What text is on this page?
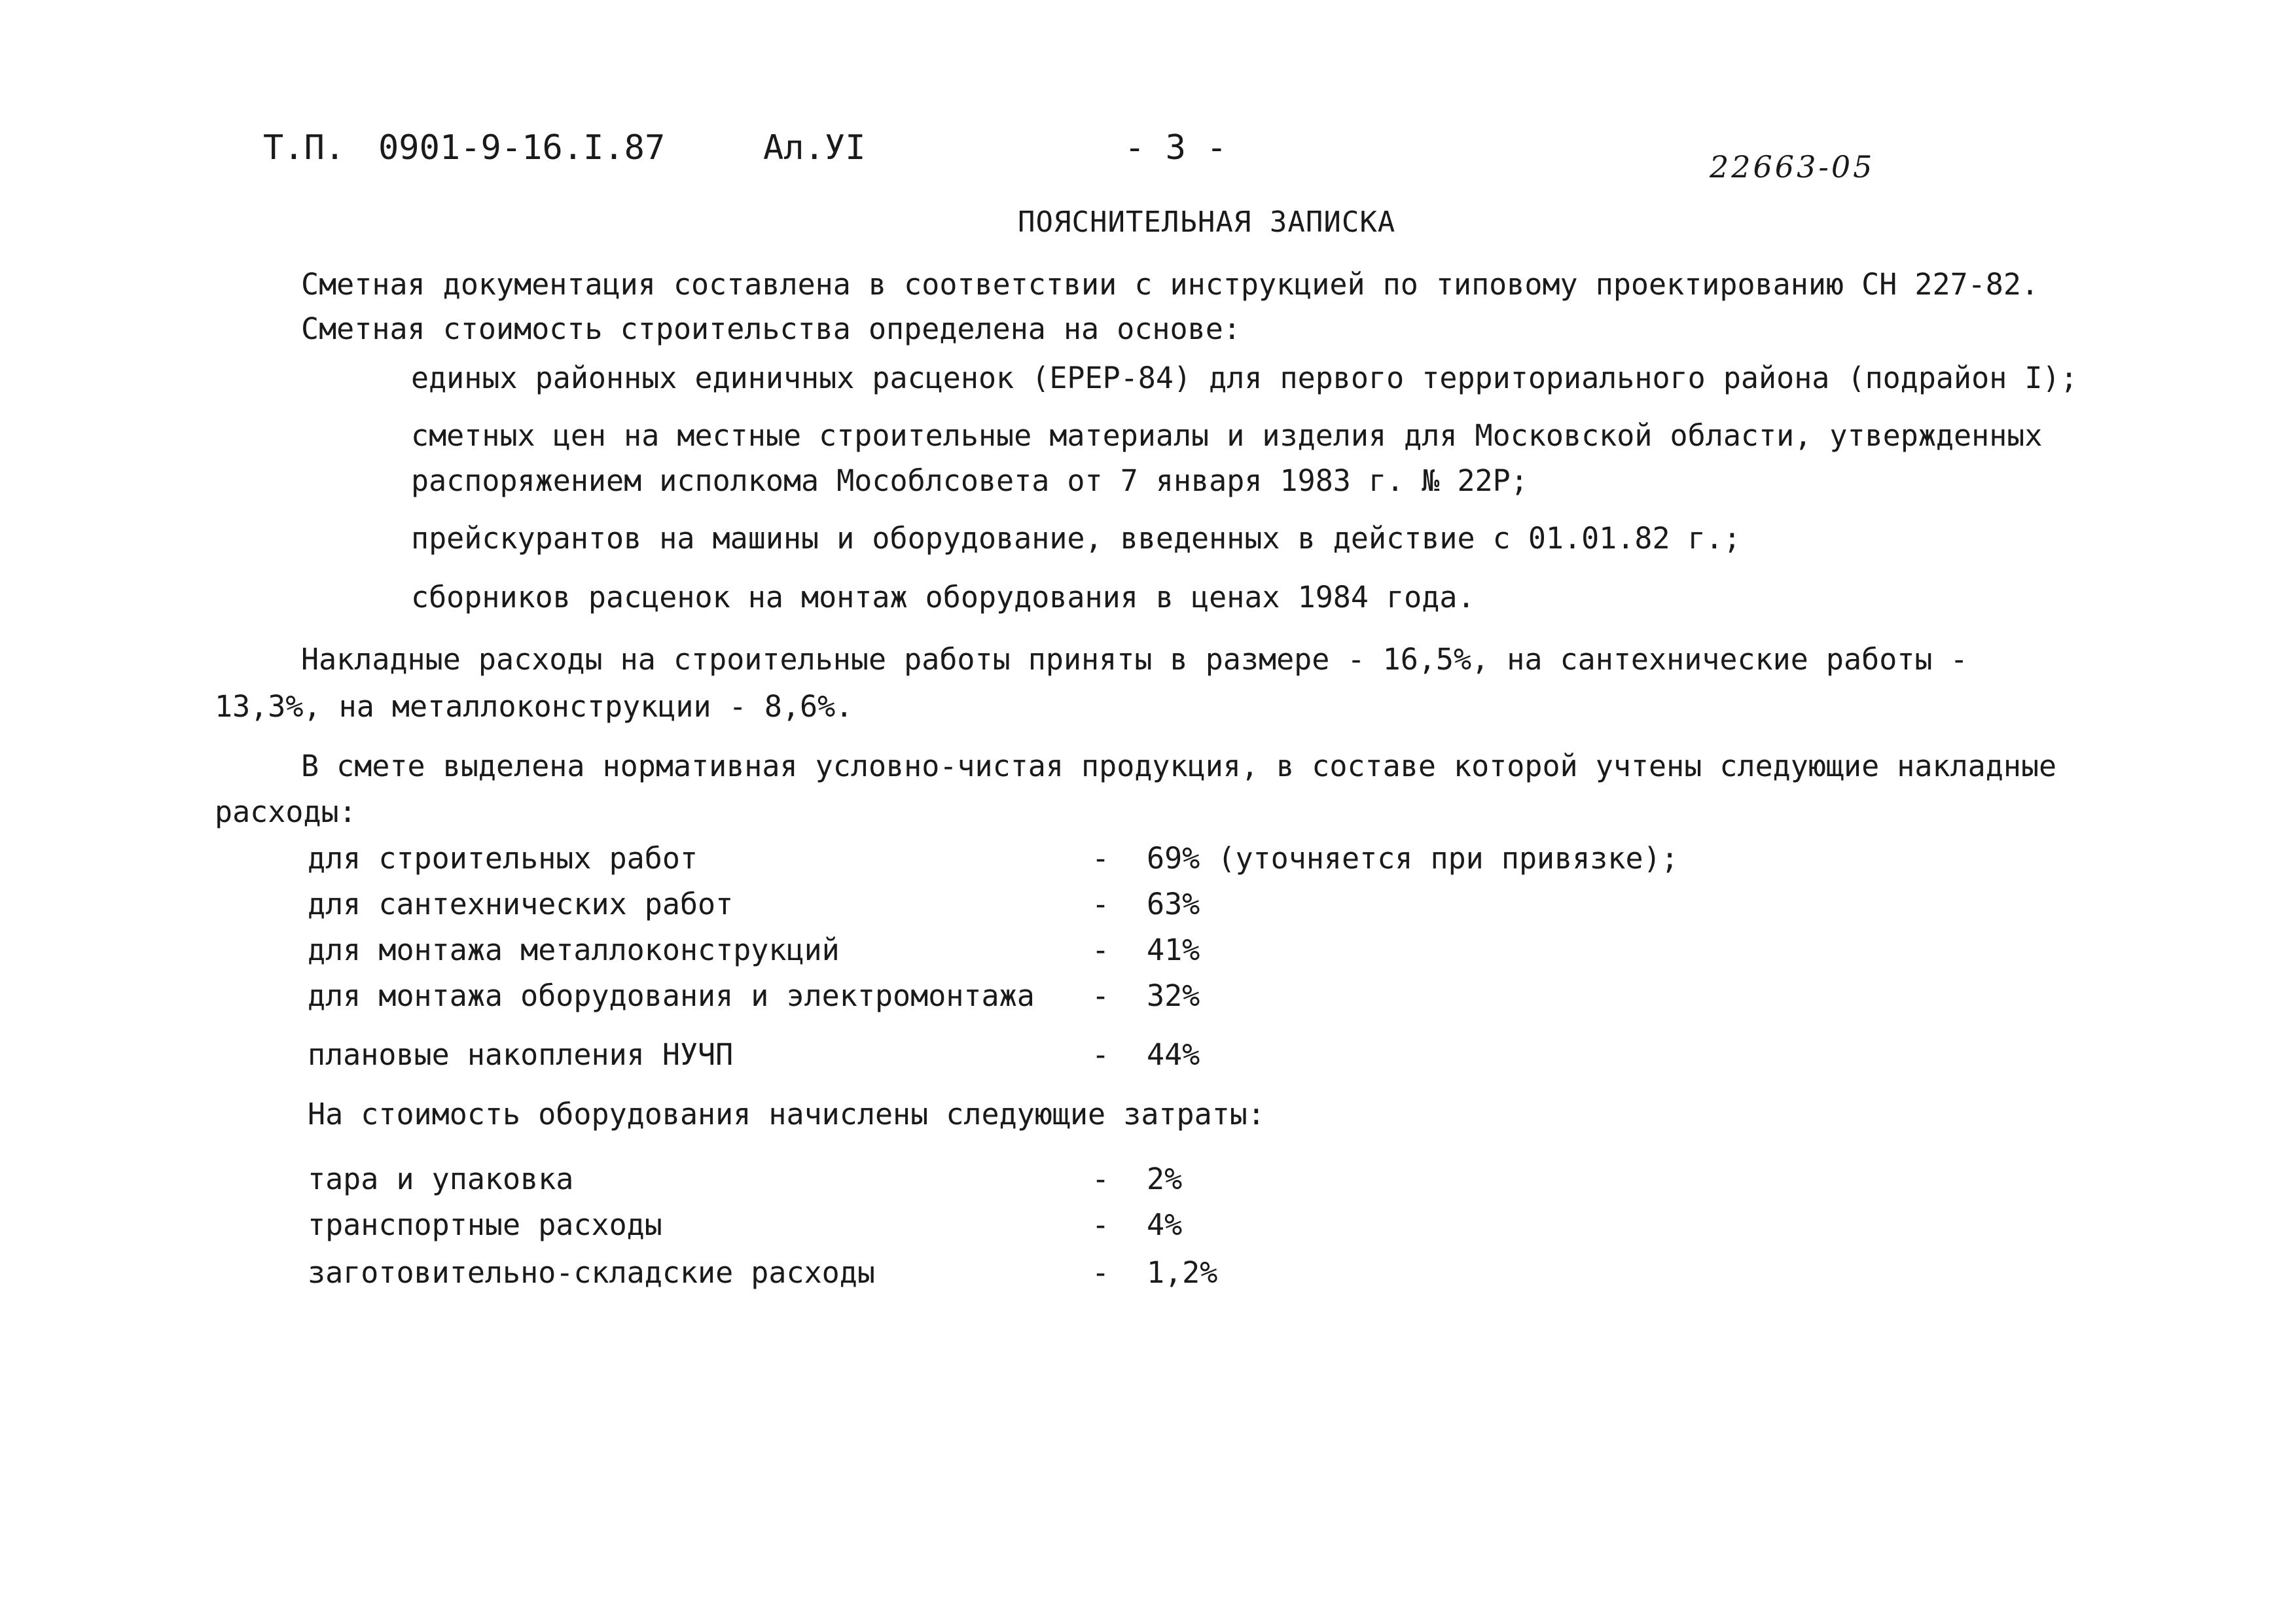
Т.П. 0901-9-16.I.87	Ал.УI	- 3 -	22663-05
ПОЯСНИТЕЛЬНАЯ ЗАПИСКА
Сметная документация составлена в соответствии с инструкцией по типовому проектированию СН 227-82.
Сметная стоимость строительства определена на основе:
единых районных единичных расценок (ЕРЕР-84) для первого территориального района (подрайон I);
сметных цен на местные строительные материалы и изделия для Московской области, утвержденных
распоряжением исполкома Мособлсовета от 7 января 1983 г. № 22Р;
прейскурантов на машины и оборудование, введенных в действие с 01.01.82 г.;
сборников расценок на монтаж оборудования в ценах 1984 года.
Накладные расходы на строительные работы приняты в размере - 16,5%, на сантехнические работы -
13,3%, на металлоконструкции - 8,6%.
В смете выделена нормативная условно-чистая продукция, в составе которой учтены следующие накладные
расходы:
для строительных работ	- 69% (уточняется при привязке);
для сантехнических работ	- 63%
для монтажа металлоконструкций	- 41%
для монтажа оборудования и электромонтажа - 32%
плановые накопления НУЧП	- 44%
На стоимость оборудования начислены следующие затраты:
тара и упаковка	- 2%
транспортные расходы	- 4%
заготовительно-складские расходы	- 1,2%
